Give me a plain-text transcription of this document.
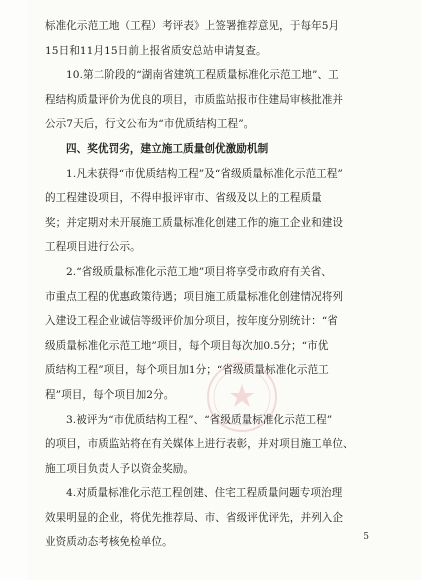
标准化示范工地（工程）考评表》上签署推荐意见，于每年5月
15日和11月15日前上报省质安总站申请复查。
10.第二阶段的“湖南省建筑工程质量标准化示范工地”、工
程结构质量评价为优良的项目，市质监站报市住建局审核批准并
公示7天后，行文公布为“市优质结构工程”。
四、奖优罚劣，建立施工质量创优激励机制
1.凡未获得“市优质结构工程”及“省级质量标准化示范工程”
的工程建设项目，不得申报评审市、省级及以上的工程质量
奖；并定期对未开展施工质量标准化创建工作的施工企业和建设
工程项目进行公示。
2.“省级质量标准化示范工地”项目将享受市政府有关省、
市重点工程的优惠政策待遇；项目施工质量标准化创建情况将列
入建设工程企业诚信等级评价加分项目，按年度分别统计：“省
级质量标准化示范工地”项目，每个项目每次加0.5分；“市优
质结构工程”项目，每个项目加1分；“省级质量标准化示范工
程”项目，每个项目加2分。
3.被评为“市优质结构工程”、“省级质量标准化示范工程”
的项目，市质监站将在有关媒体上进行表彰，并对项目施工单位、
施工项目负责人予以资金奖励。
4.对质量标准化示范工程创建、住宅工程质量问题专项治理
效果明显的企业，将优先推荐局、市、省级评优评先，并列入企
业资质动态考核免检单位。	5
